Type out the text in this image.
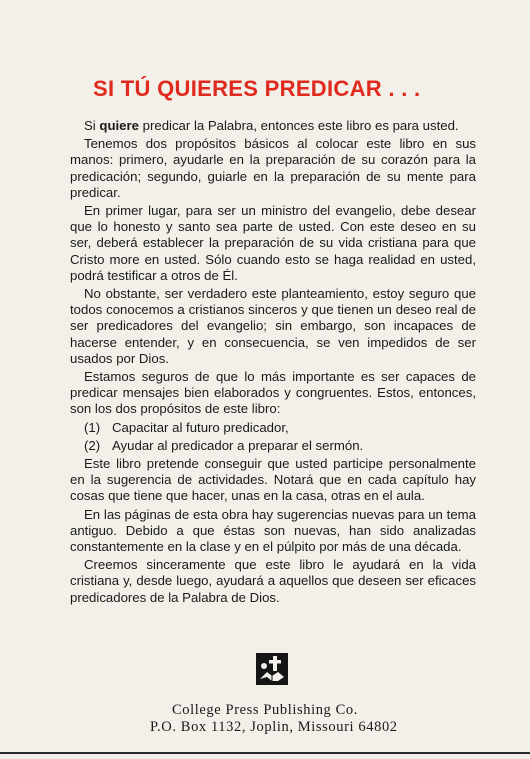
SI TÚ QUIERES PREDICAR . . .

Si quiere predicar la Palabra, entonces este libro es para usted.

Tenemos dos propósitos básicos al colocar este libro en sus manos: primero, ayudarle en la preparación de su corazón para la predicación; segundo, guiarle en la preparación de su mente para predicar.

En primer lugar, para ser un ministro del evangelio, debe desear que lo honesto y santo sea parte de usted. Con este deseo en su ser, deberá establecer la preparación de su vida cristiana para que Cristo more en usted. Sólo cuando esto se haga realidad en usted, podrá testificar a otros de Él.

No obstante, ser verdadero este planteamiento, estoy seguro que todos conocemos a cristianos sinceros y que tienen un deseo real de ser predicadores del evangelio; sin embargo, son incapaces de hacerse entender, y en consecuencia, se ven impedidos de ser usados por Dios.

Estamos seguros de que lo más importante es ser capaces de predicar mensajes bien elaborados y congruentes. Estos, entonces, son los dos propósitos de este libro:

(1) Capacitar al futuro predicador,

(2) Ayudar al predicador a preparar el sermón.

Este libro pretende conseguir que usted participe personalmente en la sugerencia de actividades. Notará que en cada capítulo hay cosas que tiene que hacer, unas en la casa, otras en el aula.

En las páginas de esta obra hay sugerencias nuevas para un tema antiguo. Debido a que éstas son nuevas, han sido analizadas constantemente en la clase y en el púlpito por más de una década.

Creemos sinceramente que este libro le ayudará en la vida cristiana y, desde luego, ayudará a aquellos que deseen ser eficaces predicadores de la Palabra de Dios.

College Press Publishing Co.
P.O. Box 1132, Joplin, Missouri 64802
